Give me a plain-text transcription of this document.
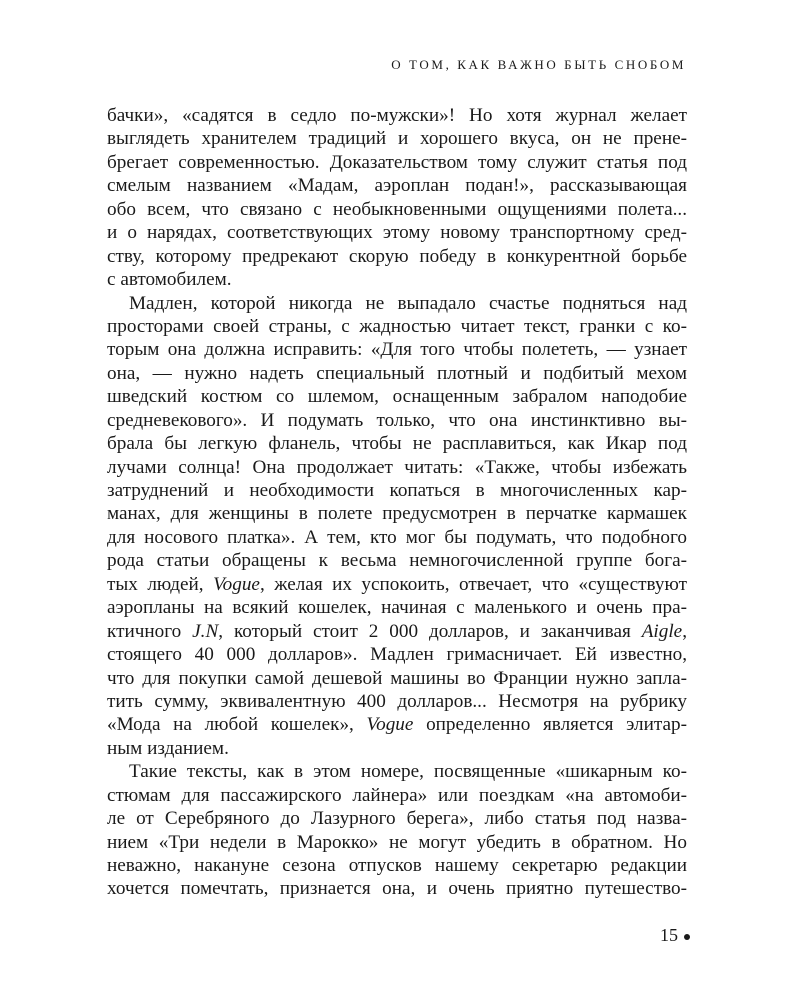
О ТОМ, КАК ВАЖНО БЫТЬ СНОБОМ
бачки», «садятся в седло по-мужски»! Но хотя журнал желает
выглядеть хранителем традиций и хорошего вкуса, он не прене-
брегает современностью. Доказательством тому служит статья под
смелым названием «Мадам, аэроплан подан!», рассказывающая
обо всем, что связано с необыкновенными ощущениями полета...
и о нарядах, соответствующих этому новому транспортному сред-
ству, которому предрекают скорую победу в конкурентной борьбе
с автомобилем.
Мадлен, которой никогда не выпадало счастье подняться над
просторами своей страны, с жадностью читает текст, гранки с ко-
торым она должна исправить: «Для того чтобы полететь, — узнает
она, — нужно надеть специальный плотный и подбитый мехом
шведский костюм со шлемом, оснащенным забралом наподобие
средневекового». И подумать только, что она инстинктивно вы-
брала бы легкую фланель, чтобы не расплавиться, как Икар под
лучами солнца! Она продолжает читать: «Также, чтобы избежать
затруднений и необходимости копаться в многочисленных кар-
манах, для женщины в полете предусмотрен в перчатке кармашек
для носового платка». А тем, кто мог бы подумать, что подобного
рода статьи обращены к весьма немногочисленной группе бога-
тых людей, Vogue, желая их успокоить, отвечает, что «существуют
аэропланы на всякий кошелек, начиная с маленького и очень пра-
ктичного J.N, который стоит 2 000 долларов, и заканчивая Aigle,
стоящего 40 000 долларов». Мадлен гримасничает. Ей известно,
что для покупки самой дешевой машины во Франции нужно запла-
тить сумму, эквивалентную 400 долларов... Несмотря на рубрику
«Мода на любой кошелек», Vogue определенно является элитар-
ным изданием.
Такие тексты, как в этом номере, посвященные «шикарным ко-
стюмам для пассажирского лайнера» или поездкам «на автомоби-
ле от Серебряного до Лазурного берега», либо статья под назва-
нием «Три недели в Марокко» не могут убедить в обратном. Но
неважно, накануне сезона отпусков нашему секретарю редакции
хочется помечтать, признается она, и очень приятно путешество-
15
